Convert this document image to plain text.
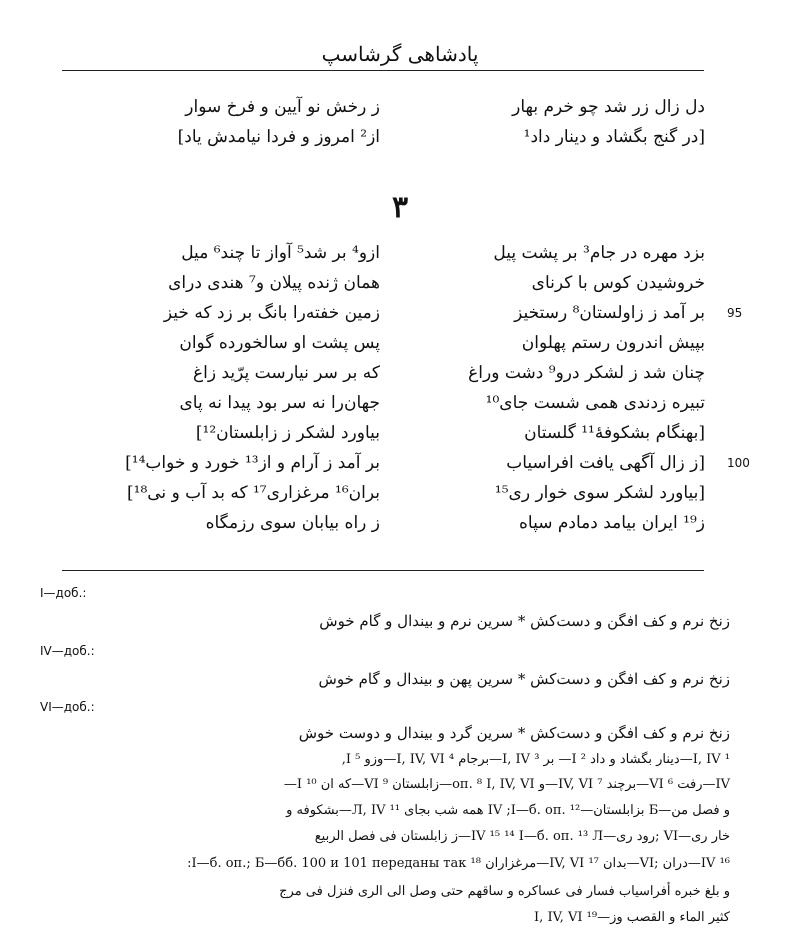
پادشاهی گرشاسپ
دل زال زر شد چو خرم بهار
ز رخش نو آیین و فرخ سوار
[در گنج بگشاد و دینار داد¹
از² امروز و فردا نیامدش یاد]
۳
بزد مهره در جام³ بر پشت پیل
ازو⁴ بر شد⁵ آواز تا چند⁶ میل
خروشیدن کوس با کرنای
همان ژنده پیلان و⁷ هندی درای
بر آمد ز زاولستان⁸ رستخیز
زمین خفته‌را بانگ بر زد که خیز	95
بپیش اندرون رستم پهلوان
پس پشت او سالخورده گوان
چنان شد ز لشکر درو⁹ دشت وراغ
که بر سر نیارست پرّید زاغ
تبیره زدندی همی شست جای¹⁰
جهان‌را نه سر بود پیدا نه پای
[بهنگام بشکوفهٔ¹¹ گلستان
بیاورد لشکر ز زابلستان¹²]
[ز زال آگهی یافت افراسیاب
بر آمد ز آرام و از¹³ خورد و خواب¹⁴]	100
[بیاورد لشکر سوی خوار ری¹⁵
بران¹⁶ مرغزاری¹⁷ که بد آب و نی¹⁸]
ز¹⁹ ایران بیامد دمادم سپاه
ز راه بیابان سوی رزمگاه
I—доб.:
زنخ نرم و کف افگن و دست‌کش * سرین نرم و بیندال و گام خوش
IV—доб.:
زنخ نرم و کف افگن و دست‌کش * سرین پهن و بیندال و گام خوش
VI—доб.:
زنخ نرم و کف افگن و دست‌کش * سرین گرد و بیندال و دوست خوش
¹ I, IV—دینار بگشاد و داد ² I— بر ³ I, IV—برجام ⁴ I, IV, VI—وزو ⁵ I,
IV—رفت ⁶ VI—برچند ⁷ IV, VI—و оп. ⁸ I, IV, VI—زابلستان ⁹ VI—که ان ¹⁰ I—
و فصل من—Б بزابلستان—IV ;I—б. оп. ¹² همه شب بجای ¹¹ Л, IV—بشکوفه و
خار ری—VI ;رود ری—IV ¹⁵ ¹⁴ I—б. оп. ¹³ Л—ز زابلستان فی فصل الربیع
¹⁶ IV—دران ;VI—بدان ¹⁷ IV, VI—مرغزاران ¹⁸ I—б. оп.; Б—бб. 100 и 101 переданы так:
و بلغ خبره أفراسیاب فسار فی عساکره و ساقهم حتی وصل الی الری فنزل فی مرج
کثیر الماء و القصب وز—¹⁹ I, IV, VI
